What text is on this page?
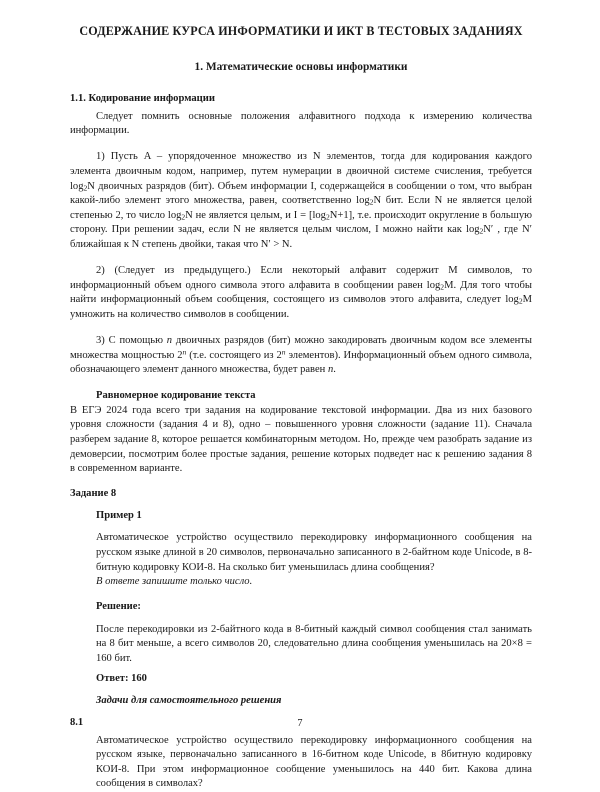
СОДЕРЖАНИЕ КУРСА ИНФОРМАТИКИ И ИКТ В ТЕСТОВЫХ ЗАДАНИЯХ
1. Математические основы информатики
1.1. Кодирование информации

Следует помнить основные положения алфавитного подхода к измерению количества информации.

1) Пусть A – упорядоченное множество из N элементов, тогда для кодирования каждого элемента двоичным кодом, например, путем нумерации в двоичной системе счисления, требуется $\log_2N$ двоичных разрядов (бит). Объем информации I, содержащейся в сообщении о том, что выбран какой-либо элемент этого множества, равен, соответственно $\log_2N$ бит. Если N не является целой степенью 2, то число $\log_2N$ не является целым, и $I = [\log_2N+1]$, т.е. происходит округление в большую сторону. При решении задач, если N не является целым числом, I можно найти как $\log_2N'$ , где N′ ближайшая к N степень двойки, такая что N′ > N.

2) (Следует из предыдущего.) Если некоторый алфавит содержит M символов, то информационный объем одного символа этого алфавита в сообщении равен $\log_2M$. Для того чтобы найти информационный объем сообщения, состоящего из символов этого алфавита, следует $\log_2M$ умножить на количество символов в сообщении.

3) С помощью n двоичных разрядов (бит) можно закодировать двоичным кодом все элементы множества мощностью 2$^n$ (т.е. состоящего из 2$^n$ элементов). Информационный объем одного символа, обозначающего элемент данного множества, будет равен n.

Равномерное кодирование текста
В ЕГЭ 2024 года всего три задания на кодирование текстовой информации. Два из них базового уровня сложности (задания 4 и 8), одно – повышенного уровня сложности (задание 11). Сначала разберем задание 8, которое решается комбинаторным методом. Но, прежде чем разобрать задание из демоверсии, посмотрим более простые задания, решение которых подведет нас к решению задания 8 в современном варианте.

Задание 8

Пример 1

Автоматическое устройство осуществило перекодировку информационного сообщения на русском языке длиной в 20 символов, первоначально записанного в 2-байтном коде Unicode, в 8-битную кодировку КОИ-8. На сколько бит уменьшилась длина сообщения?

В ответе запишите только число.

Решение:

После перекодировки из 2-байтного кода в 8-битный каждый символ сообщения стал занимать на 8 бит меньше, а всего символов 20, следовательно длина сообщения уменьшилась на 20×8 = 160 бит.

Ответ: 160

Задачи для самостоятельного решения

8.1

Автоматическое устройство осуществило перекодировку информационного сообщения на русском языке, первоначально записанного в 16-битном коде Unicode, в 8битную кодировку КОИ-8. При этом информационное сообщение уменьшилось на 440 бит. Какова длина сообщения в символах?

7
